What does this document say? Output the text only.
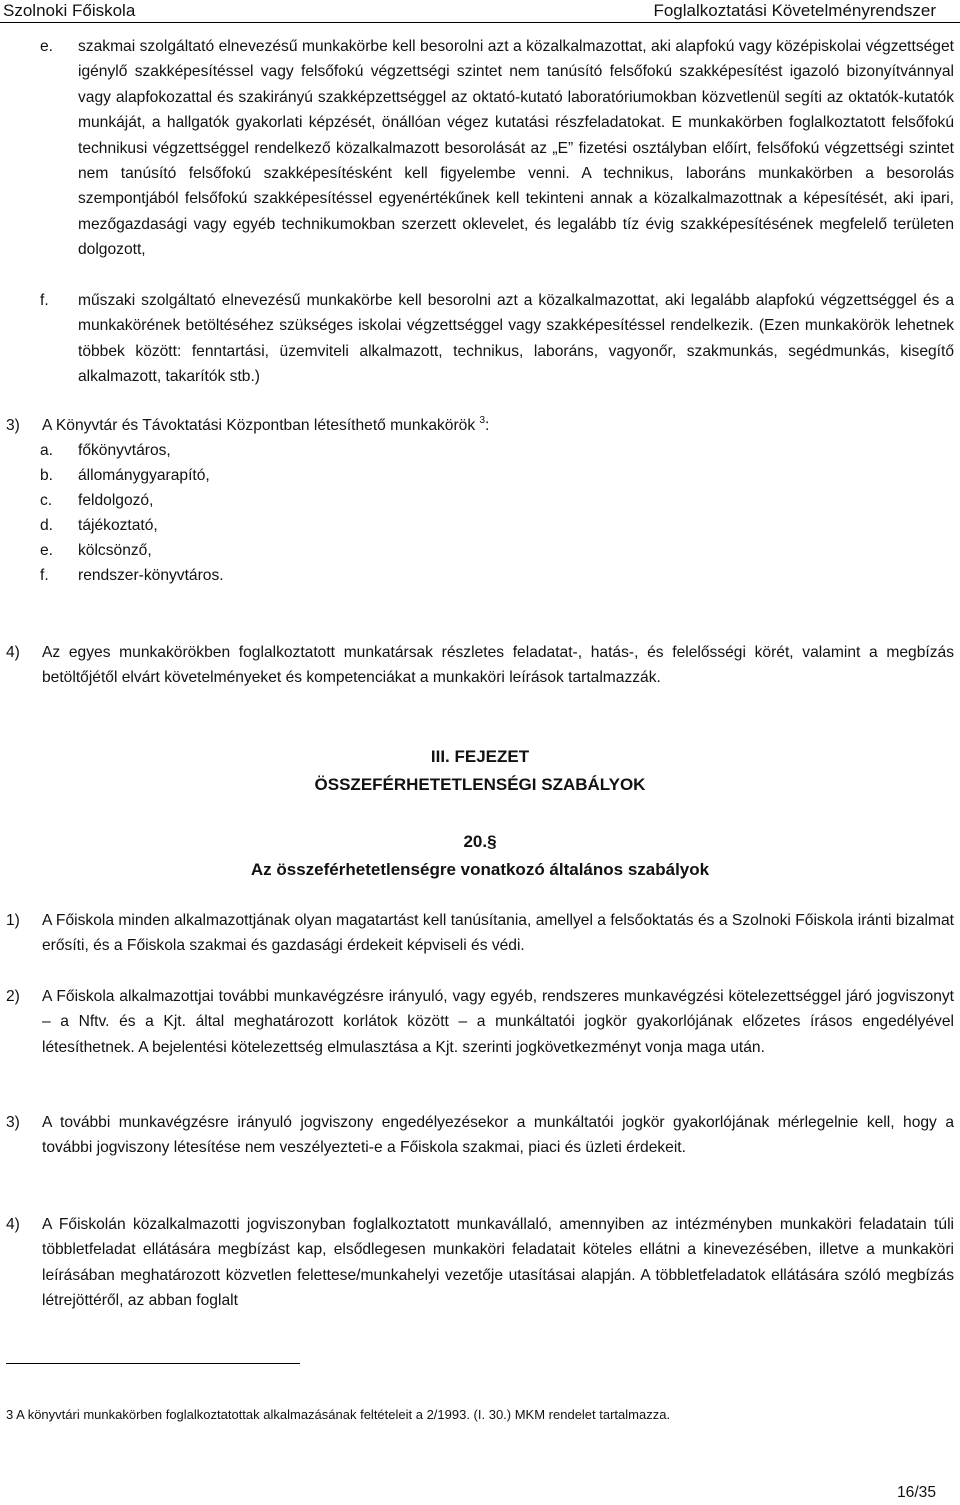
Szolnoki Főiskola	Foglalkoztatási Követelményrendszer
e. szakmai szolgáltató elnevezésű munkakörbe kell besorolni azt a közalkalmazottat, aki alapfokú vagy középiskolai végzettséget igénylő szakképesítéssel vagy felsőfokú végzettségi szintet nem tanúsító felsőfokú szakképesítést igazoló bizonyítvánnyal vagy alapfokozattal és szakirányú szakképzettséggel az oktató-kutató laboratóriumokban közvetlenül segíti az oktatók-kutatók munkáját, a hallgatók gyakorlati képzését, önállóan végez kutatási részfeladatokat. E munkakörben foglalkoztatott felsőfokú technikusi végzettséggel rendelkező közalkalmazott besorolását az „E” fizetési osztályban előírt, felsőfokú végzettségi szintet nem tanúsító felsőfokú szakképesítésként kell figyelembe venni. A technikus, laboráns munkakörben a besorolás szempontjából felsőfokú szakképesítéssel egyenértékűnek kell tekinteni annak a közalkalmazottnak a képesítését, aki ipari, mezőgazdasági vagy egyéb technikumokban szerzett oklevelet, és legalább tíz évig szakképesítésének megfelelő területen dolgozott,

f. műszaki szolgáltató elnevezésű munkakörbe kell besorolni azt a közalkalmazottat, aki legalább alapfokú végzettséggel és a munkakörének betöltéséhez szükséges iskolai végzettséggel vagy szakképesítéssel rendelkezik. (Ezen munkakörök lehetnek többek között: fenntartási, üzemviteli alkalmazott, technikus, laboráns, vagyonőr, szakmunkás, segédmunkás, kisegítő alkalmazott, takarítók stb.)

3) A Könyvtár és Távoktatási Központban létesíthető munkakörök $^3$:

a. főkönyvtáros,
b. állománygyarapító,
c. feldolgozó,
d. tájékoztató,
e. kölcsönző,
f. rendszer-könyvtáros.
4) Az egyes munkakörökben foglalkoztatott munkatársak részletes feladatat-, hatás-, és felelősségi körét, valamint a megbízás betöltőjétől elvárt követelményeket és kompetenciákat a munkaköri leírások tartalmazzák.

III. FEJEZET
ÖSSZEFÉRHETETLENSÉGI SZABÁLYOK
20.§
Az összeférhetetlenségre vonatkozó általános szabályok
1) A Főiskola minden alkalmazottjának olyan magatartást kell tanúsítania, amellyel a felsőoktatás és a Szolnoki Főiskola iránti bizalmat erősíti, és a Főiskola szakmai és gazdasági érdekeit képviseli és védi.

2) A Főiskola alkalmazottjai további munkavégzésre irányuló, vagy egyéb, rendszeres munkavégzési kötelezettséggel járó jogviszonyt – a Nftv. és a Kjt. által meghatározott korlátok között – a munkáltatói jogkör gyakorlójának előzetes írásos engedélyével létesíthetnek. A bejelentési kötelezettség elmulasztása a Kjt. szerinti jogkövetkezményt vonja maga után.

3) A további munkavégzésre irányuló jogviszony engedélyezésekor a munkáltatói jogkör gyakorlójának mérlegelnie kell, hogy a további jogviszony létesítése nem veszélyezteti-e a Főiskola szakmai, piaci és üzleti érdekeit.

4) A Főiskolán közalkalmazotti jogviszonyban foglalkoztatott munkavállaló, amennyiben az intézményben munkaköri feladatain túli többletfeladat ellátására megbízást kap, elsődlegesen munkaköri feladatait köteles ellátni a kinevezésében, illetve a munkaköri leírásában meghatározott közvetlen felettese/munkahelyi vezetője utasításai alapján. A többletfeladatok ellátására szóló megbízás létrejöttéről, az abban foglalt

3 A könyvtári munkakörben foglalkoztatottak alkalmazásának feltételeit a 2/1993. (I. 30.) MKM rendelet tartalmazza.

16/35
